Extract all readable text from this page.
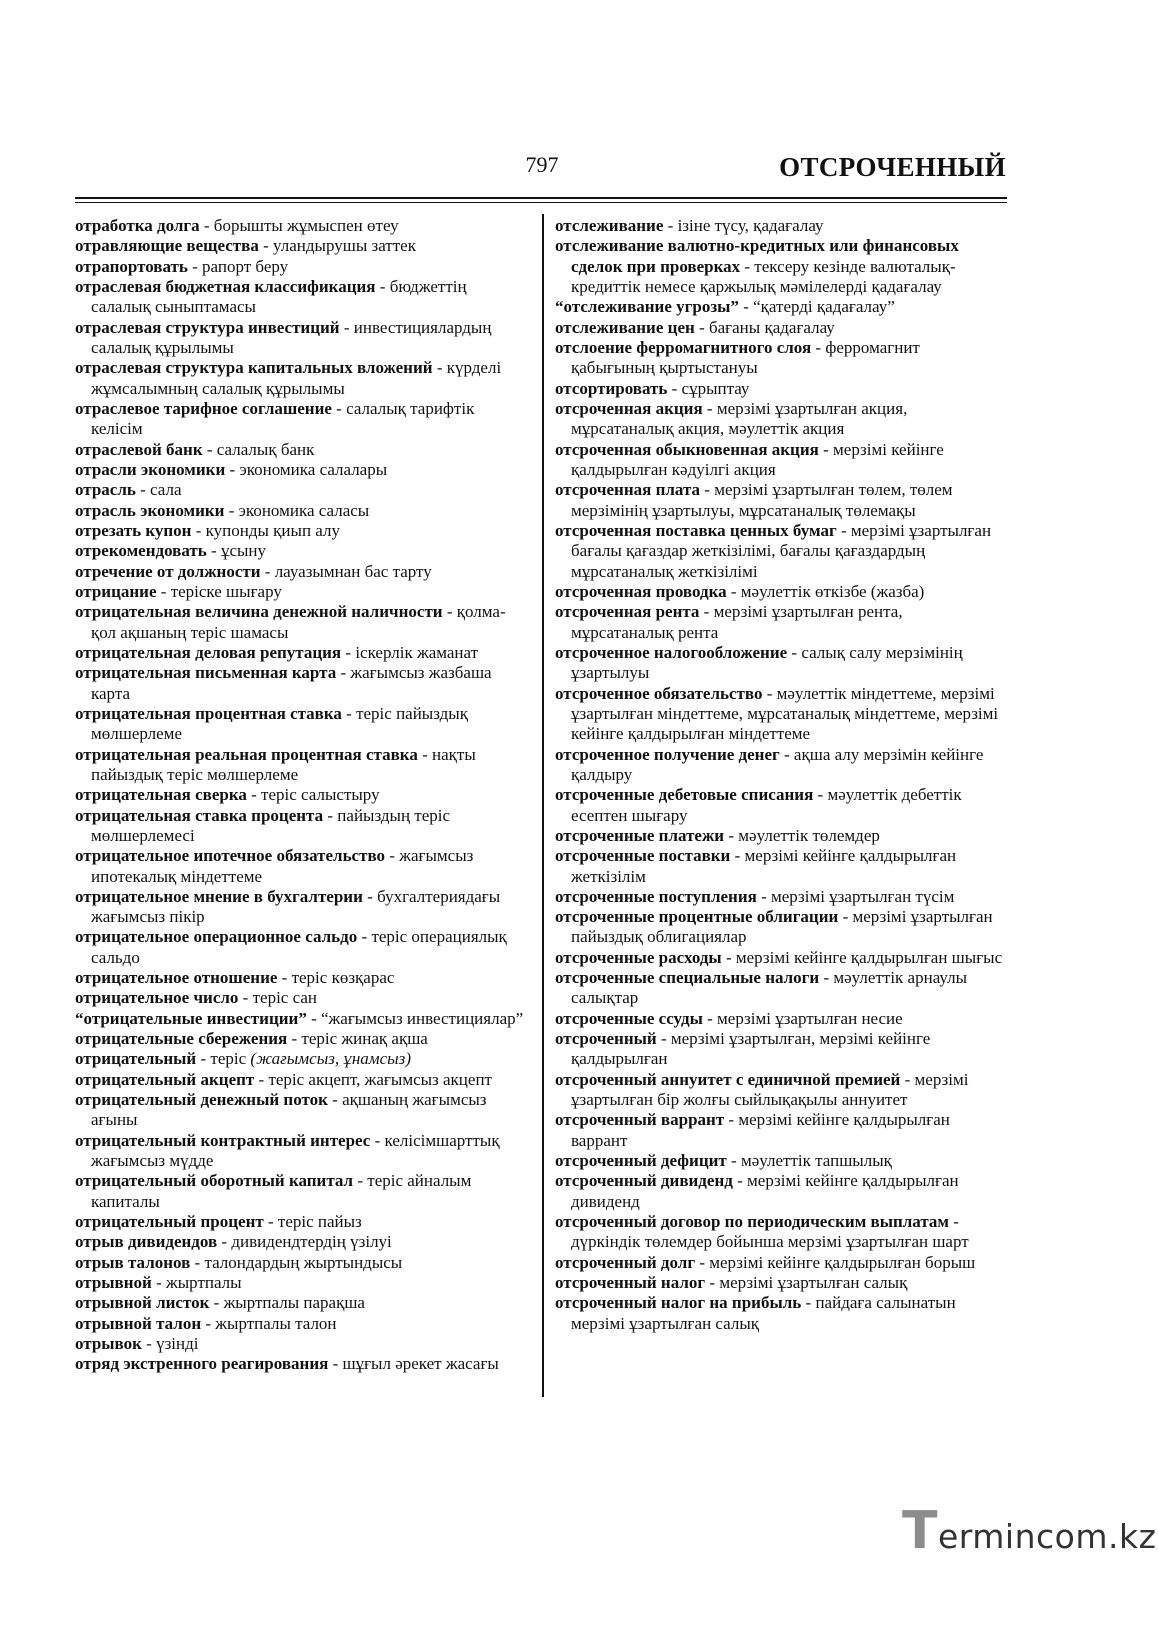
797	ОТСРОЧЕННЫЙ

отработка долга - борышты жұмыспен өтеу

отравляющие вещества - уландырушы заттек

отрапортовать - рапорт беру

отраслевая бюджетная классификация - бюджеттің салалық сыныптамасы

отраслевая структура инвестиций - инвестициялардың салалық құрылымы

отраслевая структура капитальных вложений - күрделі жұмсалымның салалық құрылымы

отраслевое тарифное соглашение - салалық тарифтік келісім

отраслевой банк - салалық банк

отрасли экономики - экономика салалары

отрасль - сала

отрасль экономики - экономика саласы

отрезать купон - купонды қиып алу

отрекомендовать - ұсыну

отречение от должности - лауазымнан бас тарту

отрицание - теріске шығару

отрицательная величина денежной наличности - қолма-қол ақшаның теріс шамасы

отрицательная деловая репутация - іскерлік жаманат

отрицательная письменная карта - жағымсыз жазбаша карта

отрицательная процентная ставка - теріс пайыздық мөлшерлеме

отрицательная реальная процентная ставка - нақты пайыздық теріс мөлшерлеме

отрицательная сверка - теріс салыстыру

отрицательная ставка процента - пайыздың теріс мөлшерлемесі

отрицательное ипотечное обязательство - жағымсыз ипотекалық міндеттеме

отрицательное мнение в бухгалтерии - бухгалтериядағы жағымсыз пікір

отрицательное операционное сальдо - теріс операциялық сальдо

отрицательное отношение - теріс көзқарас

отрицательное число - теріс сан

“отрицательные инвестиции” - “жағымсыз инвестициялар”

отрицательные сбережения - теріс жинақ ақша

отрицательный - теріс (жағымсыз, ұнамсыз)

отрицательный акцепт - теріс акцепт, жағымсыз акцепт

отрицательный денежный поток - ақшаның жағымсыз ағыны

отрицательный контрактный интерес - келісімшарттық жағымсыз мүдде

отрицательный оборотный капитал - теріс айналым капиталы

отрицательный процент - теріс пайыз

отрыв дивидендов - дивидендтердің үзілуі

отрыв талонов - талондардың жыртындысы

отрывной - жыртпалы

отрывной листок - жыртпалы парақша

отрывной талон - жыртпалы талон

отрывок - үзінді

отряд экстренного реагирования - шұғыл әрекет жасағы

отслеживание - ізіне түсу, қадағалау

отслеживание валютно-кредитных или финансовых сделок при проверках - тексеру кезінде валюталық-кредиттік немесе қаржылық мәмілелерді қадағалау

“отслеживание угрозы” - “қатерді қадағалау”

отслеживание цен - бағаны қадағалау

отслоение ферромагнитного слоя - ферромагнит қабығының қыртыстануы

отсортировать - сұрыптау

отсроченная акция - мерзімі ұзартылған акция, мұрсатаналық акция, мәулеттік акция

отсроченная обыкновенная акция - мерзімі кейінге қалдырылған кәдуілгі акция

отсроченная плата - мерзімі ұзартылған төлем, төлем мерзімінің ұзартылуы, мұрсатаналық төлемақы

отсроченная поставка ценных бумаг - мерзімі ұзартылған бағалы қағаздар жеткізілімі, бағалы қағаздардың мұрсатаналық жеткізілімі

отсроченная проводка - мәулеттік өткізбе (жазба)

отсроченная рента - мерзімі ұзартылған рента, мұрсатаналық рента

отсроченное налогообложение - салық салу мерзімінің ұзартылуы

отсроченное обязательство - мәулеттік міндеттеме, мерзімі ұзартылған міндеттеме, мұрсатаналық міндеттеме, мерзімі кейінге қалдырылған міндеттеме

отсроченное получение денег - ақша алу мерзімін кейінге қалдыру

отсроченные дебетовые списания - мәулеттік дебеттік есептен шығару

отсроченные платежи - мәулеттік төлемдер

отсроченные поставки - мерзімі кейінге қалдырылған жеткізілім

отсроченные поступления - мерзімі ұзартылған түсім

отсроченные процентные облигации - мерзімі ұзартылған пайыздық облигациялар

отсроченные расходы - мерзімі кейінге қалдырылған шығыс

отсроченные специальные налоги - мәулеттік арнаулы салықтар

отсроченные ссуды - мерзімі ұзартылған несие

отсроченный - мерзімі ұзартылған, мерзімі кейінге қалдырылған

отсроченный аннуитет с единичной премией - мерзімі ұзартылған бір жолғы сыйлықақылы аннуитет

отсроченный варрант - мерзімі кейінге қалдырылған варрант

отсроченный дефицит - мәулеттік тапшылық

отсроченный дивиденд - мерзімі кейінге қалдырылған дивиденд

отсроченный договор по периодическим выплатам - дүркіндік төлемдер бойынша мерзімі ұзартылған шарт

отсроченный долг - мерзімі кейінге қалдырылған борыш

отсроченный налог - мерзімі ұзартылған салық

отсроченный налог на прибыль - пайдаға салынатын мерзімі ұзартылған салық

Termincom.kz
